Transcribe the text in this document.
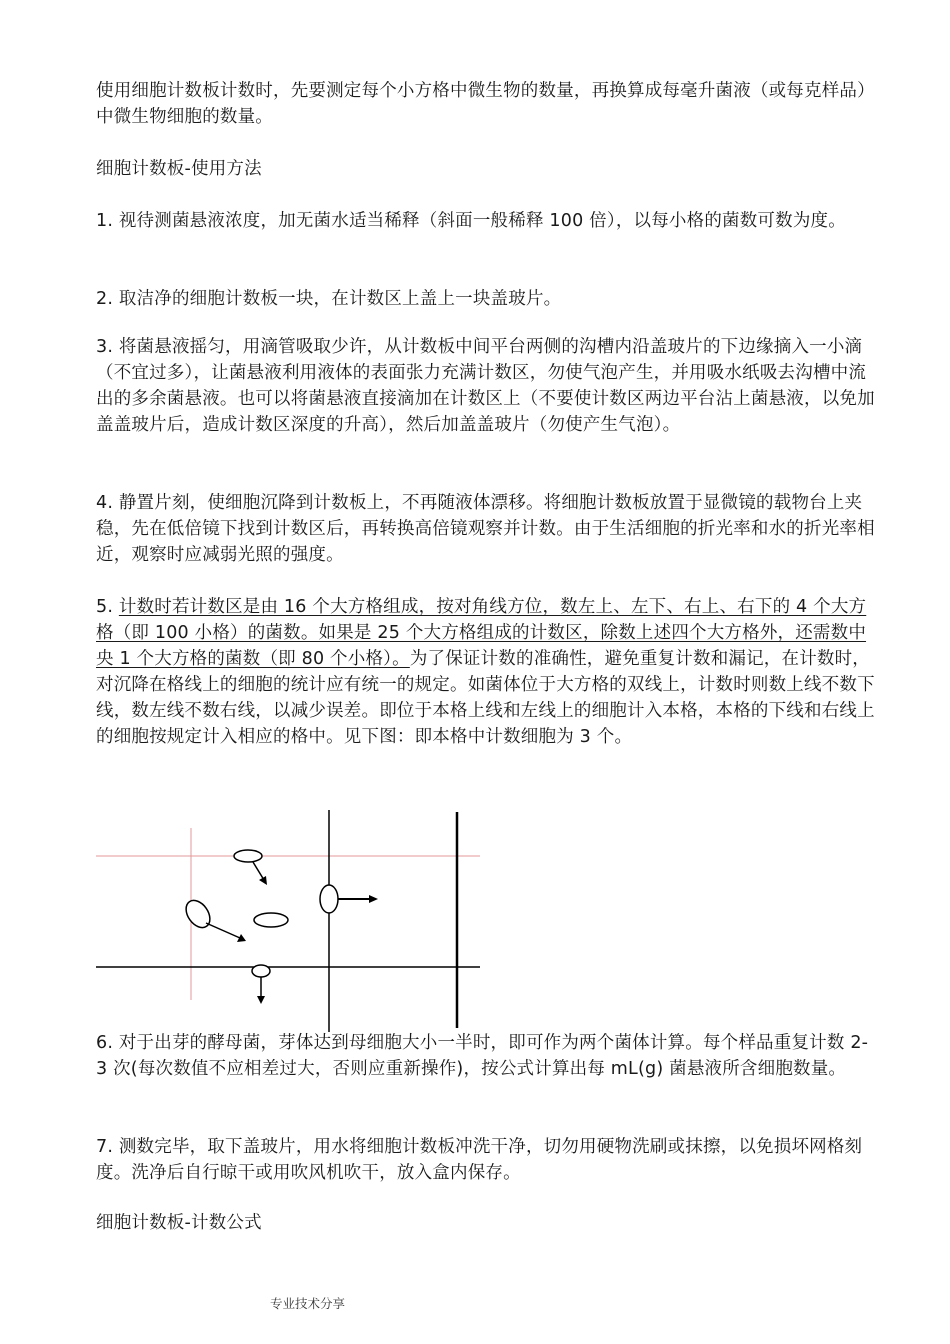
使用细胞计数板计数时，先要测定每个小方格中微生物的数量，再换算成每毫升菌液（或每克样品）中微生物细胞的数量。

细胞计数板-使用方法

1. 视待测菌悬液浓度，加无菌水适当稀释（斜面一般稀释 100 倍），以每小格的菌数可数为度。

2. 取洁净的细胞计数板一块，在计数区上盖上一块盖玻片。

3. 将菌悬液摇匀，用滴管吸取少许，从计数板中间平台两侧的沟槽内沿盖玻片的下边缘摘入一小滴（不宜过多），让菌悬液利用液体的表面张力充满计数区，勿使气泡产生，并用吸水纸吸去沟槽中流出的多余菌悬液。也可以将菌悬液直接滴加在计数区上（不要使计数区两边平台沾上菌悬液，以免加盖盖玻片后，造成计数区深度的升高），然后加盖盖玻片（勿使产生气泡）。

4. 静置片刻，使细胞沉降到计数板上，不再随液体漂移。将细胞计数板放置于显微镜的载物台上夹稳，先在低倍镜下找到计数区后，再转换高倍镜观察并计数。由于生活细胞的折光率和水的折光率相近，观察时应减弱光照的强度。

5. 计数时若计数区是由 16 个大方格组成，按对角线方位，数左上、左下、右上、右下的 4 个大方格（即 100 小格）的菌数。如果是 25 个大方格组成的计数区，除数上述四个大方格外，还需数中央 1 个大方格的菌数（即 80 个小格）。为了保证计数的准确性，避免重复计数和漏记，在计数时，对沉降在格线上的细胞的统计应有统一的规定。如菌体位于大方格的双线上，计数时则数上线不数下线，数左线不数右线，以减少误差。即位于本格上线和左线上的细胞计入本格，本格的下线和右线上的细胞按规定计入相应的格中。见下图：即本格中计数细胞为 3 个。

6. 对于出芽的酵母菌，芽体达到母细胞大小一半时，即可作为两个菌体计算。每个样品重复计数 2-3 次(每次数值不应相差过大，否则应重新操作)，按公式计算出每 mL(g) 菌悬液所含细胞数量。

7. 测数完毕，取下盖玻片，用水将细胞计数板冲洗干净，切勿用硬物洗刷或抹擦，以免损坏网格刻度。洗净后自行晾干或用吹风机吹干，放入盒内保存。

细胞计数板-计数公式

专业技术分享
